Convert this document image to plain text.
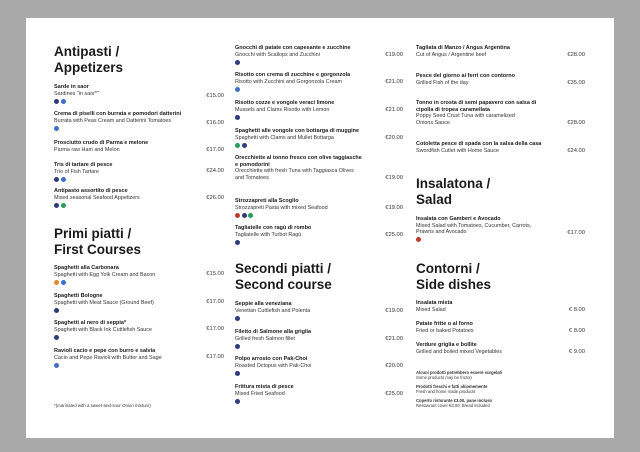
Antipasti /
Appetizers
Sarde in saor
Sardines "in saor*"	€15.00
Crema di piselli con burrata e pomodori datterini
Burrata with Peas Cream and Datterini Tomatoes	€16.00
Prosciutto crudo di Parma e melone
Parma raw Ham and Melon	€17.00
Tris di tartare di pesce
Trio of Fish Tartare	€24.00
Antipasto assortito di pesce
Mixed seasonal Seafood Appetizers	€26.00
Primi piatti /
First Courses
Spaghetti alla Carbonara
Spaghetti with Egg Yolk Cream and Bacon	€15.00
Spaghetti Bologne
Spaghetti with Meat Sauce (Ground Beef)	€17.00
Spaghetti al nero di seppia*
Spaghetti with Black Ink Cuttlefish Sauce	€17.00
Ravioli cacio e pepe con burro e salvia
Cacio and Pepe Ravioli with Butter and Sage	€17.00
*(marinated with a sweet-and-sour Onion mixture)
Gnocchi di patate con capesante e zucchine
Gnocchi with Scallops and Zucchini	€19.00
Risotto con crema di zucchine e gorgonzola
Risotto with Zucchini and Gorgonzola Cream	€21.00
Risotto cozze e vongole veraci limone
Mussels and Clams Risotto with Lemon	€21.00
Spaghetti alle vongole con bottarga di muggine
Spaghetti with Clams and Mullet Bottarga	€20.00
Orecchiette al tonno fresco con olive taggiasche
e pomodorini
Orecchiette with fresh Tuna with Taggiasca Olives
and Tomatoes	€19.00
Strozzapreti alla Scoglio
Strozzapreti Pasta with mixed Seafood	€19.00
Tagliatelle con ragù di rombo
Tagliatelle with Turbot Ragù	€25.00
Secondi piatti /
Second course
Seppie alla veneziana
Venetian Cuttlefish and Polenta	€19.00
Filetto di Salmone alla griglia
Grilled fresh Salmon fillet	€21.00
Polpo arrosto con Pak-Choi
Roasted Octopus with Pak-Choi	€20.00
Frittura mista di pesce
Mixed Fried Seafood	€25.00
Tagliata di Manzo / Angus Argentina
Cut of Angus / Argentine beef	€28.00
Pesce del giorno ai ferri con contorno
Grilled Fish of the day	€35.00
Tonno in crosta di semi papavero con salsa di
cipolla di tropea caramellata
Poppy Seed Crust Tuna with caramelized
Onions Sauce	€28.00
Cotoletta pesce di spada con la salsa della casa
Swordfish Cutlet with Home Sauce	€24.00
Insalatona /
Salad
Insalata con Gamberi e Avocado
Mixed Salad with Tomatoes, Cucumber, Carrots,
Prawns and Avocado	€17.00
Contorni /
Side dishes
Insalata mista
Mixed Salad	€ 8.00
Patate fritte o al forno
Fried or baked Potatoes	€ 8.00
Verdure griglia e bollite
Grilled and boiled mixed Vegetables	€ 9.00
Alcuni prodotti potrebbero essere surgelati
Some products may be frozen
Prodotti freschi e fatti ahiomemente
Fresh and home made products
Coperto ristorante €3.00, pane incluso
Restaurant cover €3.00, Bread included
